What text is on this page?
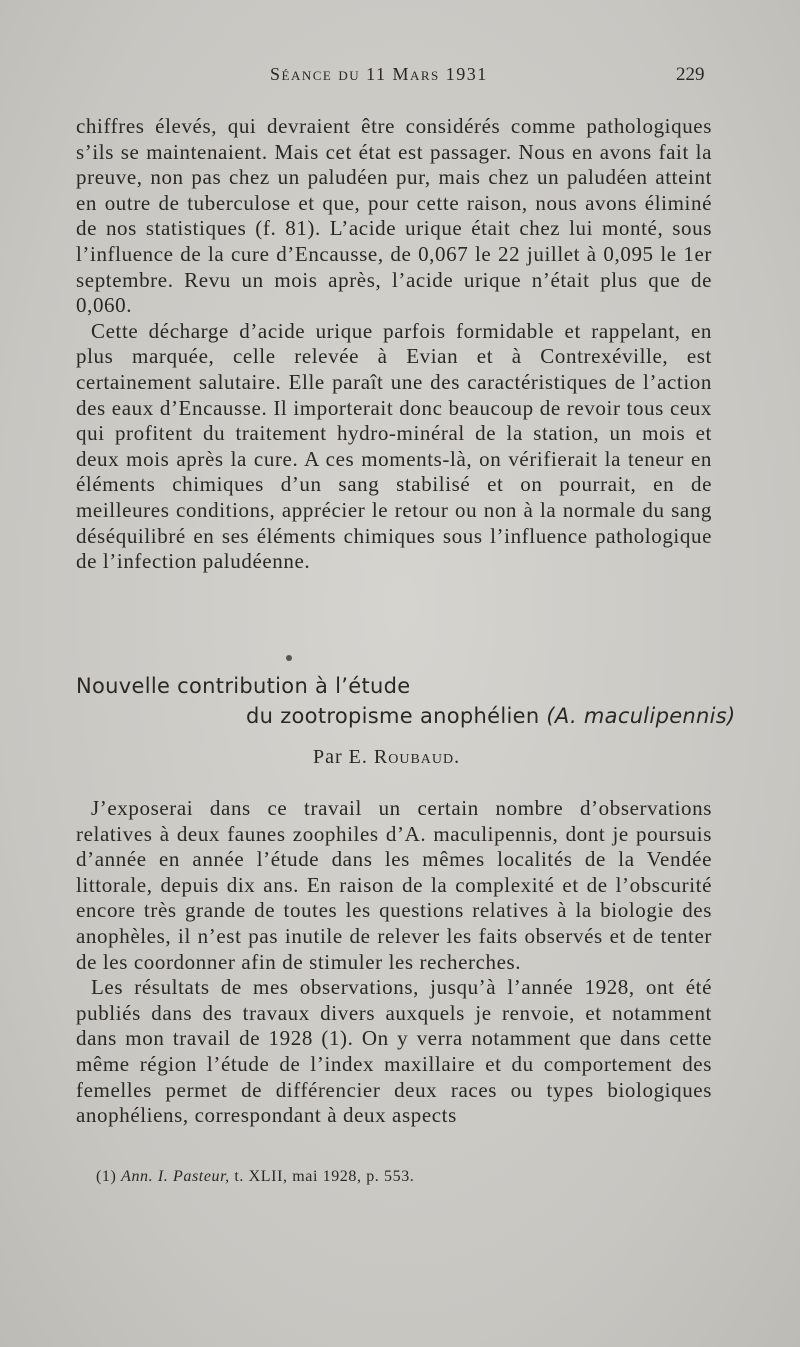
Séance du 11 Mars 1931	229

chiffres élevés, qui devraient être considérés comme pathologiques s’ils se maintenaient. Mais cet état est passager. Nous en avons fait la preuve, non pas chez un paludéen pur, mais chez un paludéen atteint en outre de tuberculose et que, pour cette raison, nous avons éliminé de nos statistiques (f. 81). L’acide urique était chez lui monté, sous l’influence de la cure d’Encausse, de 0,067 le 22 juillet à 0,095 le 1er septembre. Revu un mois après, l’acide urique n’était plus que de 0,060.

Cette décharge d’acide urique parfois formidable et rappelant, en plus marquée, celle relevée à Evian et à Contrexéville, est certainement salutaire. Elle paraît une des caractéristiques de l’action des eaux d’Encausse. Il importerait donc beaucoup de revoir tous ceux qui profitent du traitement hydro-minéral de la station, un mois et deux mois après la cure. A ces moments-là, on vérifierait la teneur en éléments chimiques d’un sang stabilisé et on pourrait, en de meilleures conditions, apprécier le retour ou non à la normale du sang déséquilibré en ses éléments chimiques sous l’influence pathologique de l’infection paludéenne.

Nouvelle contribution à l’étude
du zootropisme anophélien (A. maculipennis)
Par E. Roubaud.

J’exposerai dans ce travail un certain nombre d’observations relatives à deux faunes zoophiles d’A. maculipennis, dont je poursuis d’année en année l’étude dans les mêmes localités de la Vendée littorale, depuis dix ans. En raison de la complexité et de l’obscurité encore très grande de toutes les questions relatives à la biologie des anophèles, il n’est pas inutile de relever les faits observés et de tenter de les coordonner afin de stimuler les recherches.

Les résultats de mes observations, jusqu’à l’année 1928, ont été publiés dans des travaux divers auxquels je renvoie, et notamment dans mon travail de 1928 (1). On y verra notamment que dans cette même région l’étude de l’index maxillaire et du comportement des femelles permet de différencier deux races ou types biologiques anophéliens, correspondant à deux aspects

(1) Ann. I. Pasteur, t. XLII, mai 1928, p. 553.
